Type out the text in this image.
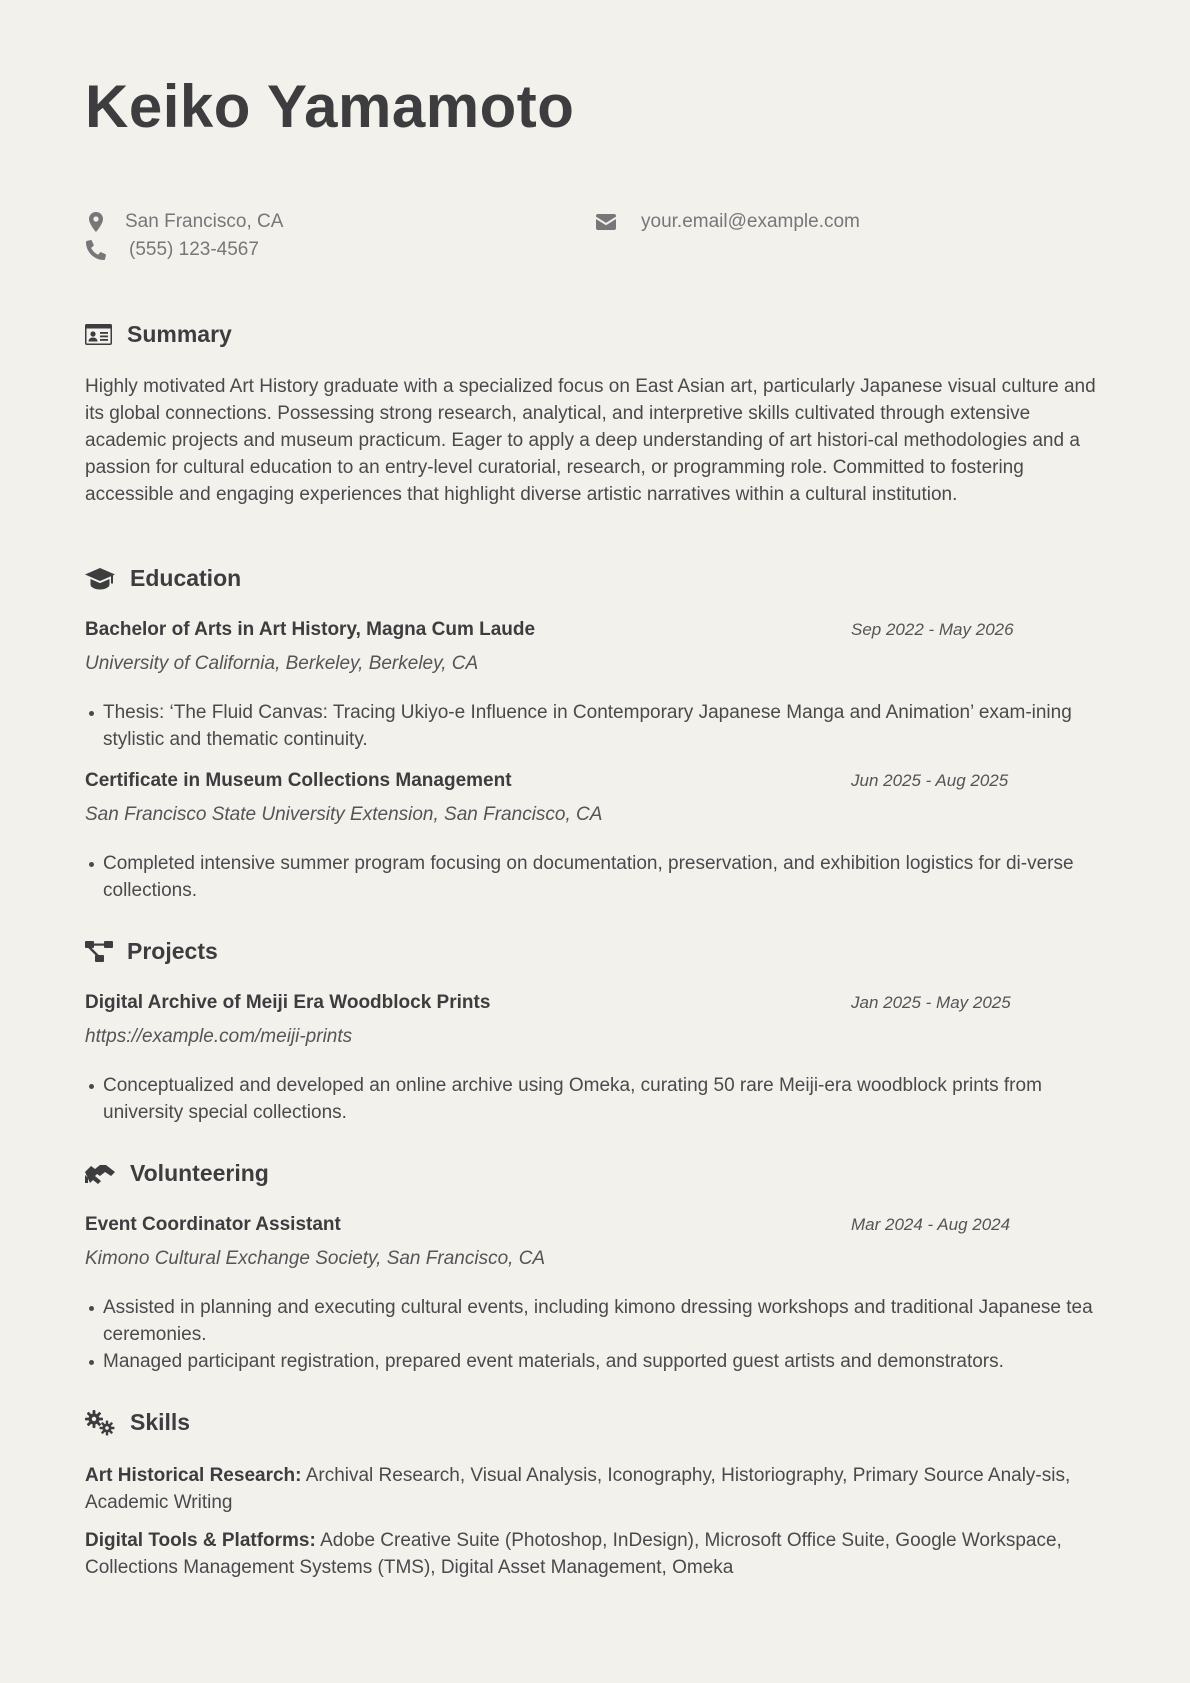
Keiko Yamamoto
San Francisco, CA	your.email@example.com
(555) 123-4567
Summary
Highly motivated Art History graduate with a specialized focus on East Asian art, particularly Japanese visual culture and its global connections. Possessing strong research, analytical, and interpretive skills cultivated through extensive academic projects and museum practicum. Eager to apply a deep understanding of art histori-cal methodologies and a passion for cultural education to an entry-level curatorial, research, or programming role. Committed to fostering accessible and engaging experiences that highlight diverse artistic narratives within a cultural institution.
Education
Bachelor of Arts in Art History, Magna Cum Laude	Sep 2022 - May 2026
University of California, Berkeley, Berkeley, CA
Thesis: ‘The Fluid Canvas: Tracing Ukiyo-e Influence in Contemporary Japanese Manga and Animation’ exam-ining stylistic and thematic continuity.
Certificate in Museum Collections Management	Jun 2025 - Aug 2025
San Francisco State University Extension, San Francisco, CA
Completed intensive summer program focusing on documentation, preservation, and exhibition logistics for di-verse collections.
Projects
Digital Archive of Meiji Era Woodblock Prints	Jan 2025 - May 2025
https://example.com/meiji-prints
Conceptualized and developed an online archive using Omeka, curating 50 rare Meiji-era woodblock prints from university special collections.
Volunteering
Event Coordinator Assistant	Mar 2024 - Aug 2024
Kimono Cultural Exchange Society, San Francisco, CA
Assisted in planning and executing cultural events, including kimono dressing workshops and traditional Japanese tea ceremonies.
Managed participant registration, prepared event materials, and supported guest artists and demonstrators.
Skills
Art Historical Research: Archival Research, Visual Analysis, Iconography, Historiography, Primary Source Analy-sis, Academic Writing
Digital Tools & Platforms: Adobe Creative Suite (Photoshop, InDesign), Microsoft Office Suite, Google Workspace, Collections Management Systems (TMS), Digital Asset Management, Omeka
